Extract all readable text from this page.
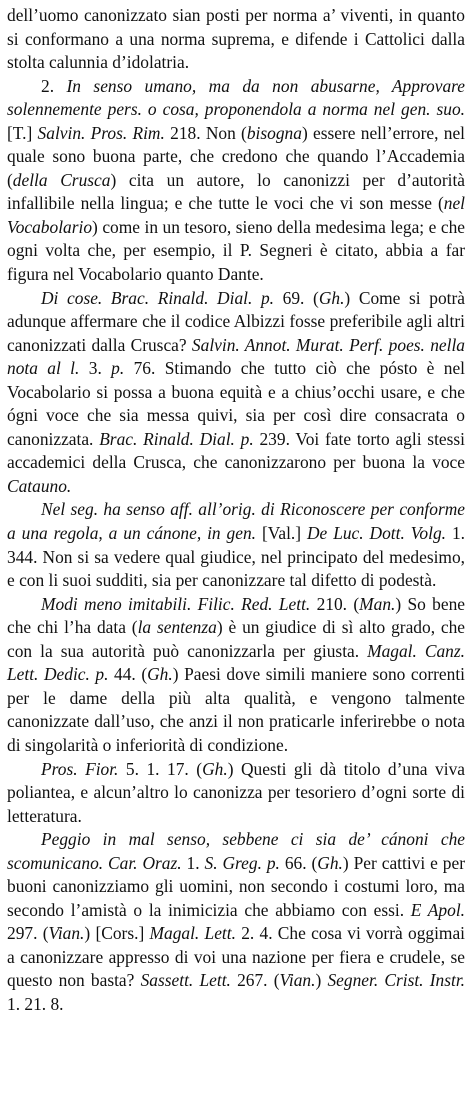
dell’uomo canonizzato sian posti per norma a’ viventi, in quanto si conformano a una norma suprema, e difende i Cattolici dalla stolta calunnia d’idolatria.

2. In senso umano, ma da non abusarne, Approvare solennemente pers. o cosa, proponendola a norma nel gen. suo. [T.] Salvin. Pros. Rim. 218. Non (bisogna) essere nell’errore, nel quale sono buona parte, che credono che quando l’Accademia (della Crusca) cita un autore, lo canonizzi per d’autorità infallibile nella lingua; e che tutte le voci che vi son messe (nel Vocabolario) come in un tesoro, sieno della medesima lega; e che ogni volta che, per esempio, il P. Segneri è citato, abbia a far figura nel Vocabolario quanto Dante.

Di cose. Brac. Rinald. Dial. p. 69. (Gh.) Come si potrà adunque affermare che il codice Albizzi fosse preferibile agli altri canonizzati dalla Crusca? Salvin. Annot. Murat. Perf. poes. nella nota al l. 3. p. 76. Stimando che tutto ciò che pósto è nel Vocabolario si possa a buona equità e a chius’occhi usare, e che ógni voce che sia messa quivi, sia per così dire consacrata o canonizzata. Brac. Rinald. Dial. p. 239. Voi fate torto agli stessi accademici della Crusca, che canonizzarono per buona la voce Catauno.

Nel seg. ha senso aff. all’orig. di Riconoscere per conforme a una regola, a un cánone, in gen. [Val.] De Luc. Dott. Volg. 1. 344. Non si sa vedere qual giudice, nel principato del medesimo, e con li suoi sudditi, sia per canonizzare tal difetto di podestà.

Modi meno imitabili. Filic. Red. Lett. 210. (Man.) So bene che chi l’ha data (la sentenza) è un giudice di sì alto grado, che con la sua autorità può canonizzarla per giusta. Magal. Canz. Lett. Dedic. p. 44. (Gh.) Paesi dove simili maniere sono correnti per le dame della più alta qualità, e vengono talmente canonizzate dall’uso, che anzi il non praticarle inferirebbe o nota di singolarità o inferiorità di condizione.

Pros. Fior. 5. 1. 17. (Gh.) Questi gli dà titolo d’una viva poliantea, e alcun’altro lo canonizza per tesoriero d’ogni sorte di letteratura.

Peggio in mal senso, sebbene ci sia de’ cánoni che scomunicano. Car. Oraz. 1. S. Greg. p. 66. (Gh.) Per cattivi e per buoni canonizziamo gli uomini, non secondo i costumi loro, ma secondo l’amistà o la inimicizia che abbiamo con essi. E Apol. 297. (Vian.) [Cors.] Magal. Lett. 2. 4. Che cosa vi vorrà oggimai a canonizzare appresso di voi una nazione per fiera e crudele, se questo non basta? Sassett. Lett. 267. (Vian.) Segner. Crist. Instr. 1. 21. 8.
